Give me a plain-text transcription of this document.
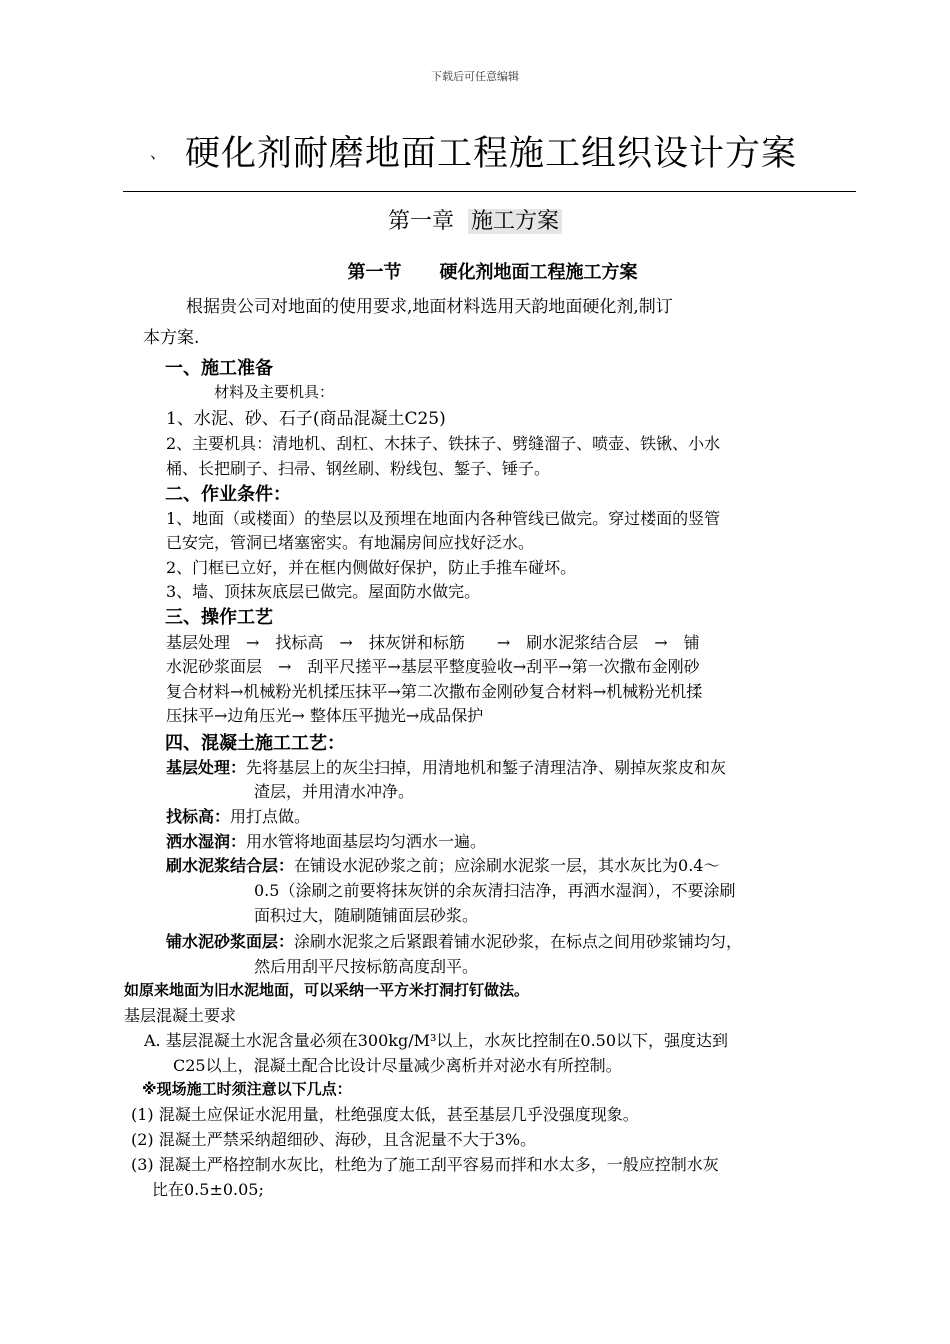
下载后可任意编辑
、 硬化剂耐磨地面工程施工组织设计方案
第一章 施工方案
第一节 硬化剂地面工程施工方案
根据贵公司对地面的使用要求,地面材料选用天韵地面硬化剂,制订
本方案.
一、施工准备
材料及主要机具：
1、水泥、砂、石子(商品混凝土C25)
2、主要机具：清地机、刮杠、木抹子、铁抹子、劈缝溜子、喷壶、铁锹、小水
桶、长把刷子、扫帚、钢丝刷、粉线包、錾子、锤子。
二、作业条件：
1、地面（或楼面）的垫层以及预埋在地面内各种管线已做完。穿过楼面的竖管
已安完，管洞已堵塞密实。有地漏房间应找好泛水。
2、门框已立好，并在框内侧做好保护，防止手推车碰坏。
3、墙、顶抹灰底层已做完。屋面防水做完。
三、操作工艺
基层处理　→　找标高　→　抹灰饼和标筋　　→　刷水泥浆结合层　→　铺
水泥砂浆面层　→　刮平尺搓平→基层平整度验收→刮平→第一次撒布金刚砂
复合材料→机械粉光机揉压抹平→第二次撒布金刚砂复合材料→机械粉光机揉
压抹平→边角压光→ 整体压平抛光→成品保护
四、混凝土施工工艺：
基层处理：先将基层上的灰尘扫掉，用清地机和錾子清理洁净、剔掉灰浆皮和灰
渣层，并用清水冲净。
找标高：用打点做。
洒水湿润：用水管将地面基层均匀洒水一遍。
刷水泥浆结合层：在铺设水泥砂浆之前；应涂刷水泥浆一层，其水灰比为0.4～
0.5（涂刷之前要将抹灰饼的余灰清扫洁净，再洒水湿润），不要涂刷
面积过大，随刷随铺面层砂浆。
铺水泥砂浆面层：涂刷水泥浆之后紧跟着铺水泥砂浆，在标点之间用砂浆铺均匀，
然后用刮平尺按标筋高度刮平。
如原来地面为旧水泥地面，可以采纳一平方米打洞打钉做法。
基层混凝土要求
A. 基层混凝土水泥含量必须在300kg/M³以上，水灰比控制在0.50以下，强度达到
C25以上，混凝土配合比设计尽量减少离析并对泌水有所控制。
※现场施工时须注意以下几点：
(1) 混凝土应保证水泥用量，杜绝强度太低，甚至基层几乎没强度现象。
(2) 混凝土严禁采纳超细砂、海砂，且含泥量不大于3%。
(3) 混凝土严格控制水灰比，杜绝为了施工刮平容易而拌和水太多，一般应控制水灰
比在0.5±0.05;
